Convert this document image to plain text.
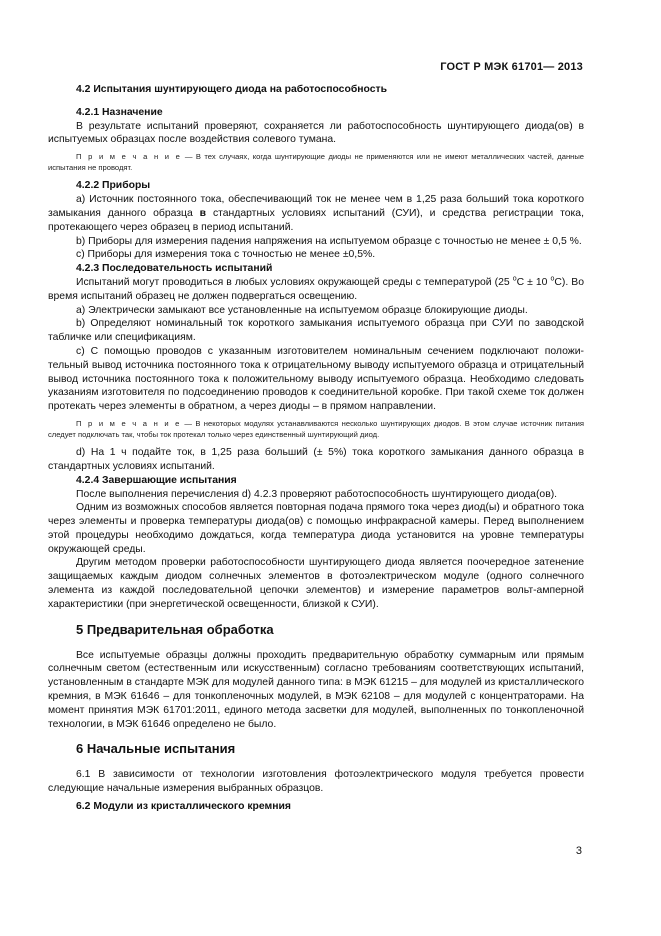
ГОСТ Р МЭК 61701— 2013

4.2 Испытания шунтирующего диода на работоспособность

4.2.1 Назначение

В результате испытаний проверяют, сохраняется ли работоспособность шунтирующего диода(ов) в испытуемых образцах после воздействия солевого тумана.

П р и м е ч а н и е — В тех случаях, когда шунтирующие диоды не применяются или не имеют металлических частей, данные испытания не проводят.

4.2.2 Приборы

а) Источник постоянного тока, обеспечивающий ток не менее чем в 1,25 раза больший тока короткого замыкания данного образца в стандартных условиях испытаний (СУИ), и средства регистрации тока, протекающего через образец в период испытаний.

b) Приборы для измерения падения напряжения на испытуемом образце с точностью не менее ± 0,5 %.

с) Приборы для измерения тока с точностью не менее ±0,5%.

4.2.3 Последовательность испытаний

Испытаний могут проводиться в любых условиях окружающей среды с температурой (25 $^o$C ± 10 $^o$C). Во время испытаний образец не должен подвергаться освещению.

а) Электрически замыкают все установленные на испытуемом образце блокирующие диоды.

b) Определяют номинальный ток короткого замыкания испытуемого образца при СУИ по заводской табличке или спецификациям.

с) С помощью проводов с указанным изготовителем номинальным сечением подключают положительный вывод источника постоянного тока к отрицательному выводу испытуемого образца и отрицательный вывод источника постоянного тока к положительному выводу испытуемого образца. Необходимо следовать указаниям изготовителя по подсоединению проводов к соединительной коробке. При такой схеме ток должен протекать через элементы в обратном, а через диоды – в прямом направлении.

П р и м е ч а н и е — В некоторых модулях устанавливаются несколько шунтирующих диодов. В этом случае источник питания следует подключать так, чтобы ток протекал только через единственный шунтирующий диод.

d) На 1 ч подайте ток, в 1,25 раза больший (± 5%) тока короткого замыкания данного образца в стандартных условиях испытаний.

4.2.4 Завершающие испытания

После выполнения перечисления d) 4.2.3 проверяют работоспособность шунтирующего диода(ов).

Одним из возможных способов является повторная подача прямого тока через диод(ы) и обратного тока через элементы и проверка температуры диода(ов) с помощью инфракрасной камеры. Перед выполнением этой процедуры необходимо дождаться, когда температура диода установится на уровне температуры окружающей среды.

Другим методом проверки работоспособности шунтирующего диода является поочередное затенение защищаемых каждым диодом солнечных элементов в фотоэлектрическом модуле (одного солнечного элемента из каждой последовательной цепочки элементов) и измерение параметров вольт-амперной характеристики (при энергетической освещенности, близкой к СУИ).

5 Предварительная обработка

Все испытуемые образцы должны проходить предварительную обработку суммарным или прямым солнечным светом (естественным или искусственным) согласно требованиям соответствующих испытаний, установленным в стандарте МЭК для модулей данного типа: в МЭК 61215 – для модулей из кристаллического кремния, в МЭК 61646 – для тонкопленочных модулей, в МЭК 62108 – для модулей с концентраторами. На момент принятия МЭК 61701:2011, единого метода засветки для модулей, выполненных по тонкопленочной технологии, в МЭК 61646 определено не было.

6 Начальные испытания

6.1 В зависимости от технологии изготовления фотоэлектрического модуля требуется провести следующие начальные измерения выбранных образцов.

6.2 Модули из кристаллического кремния

3
